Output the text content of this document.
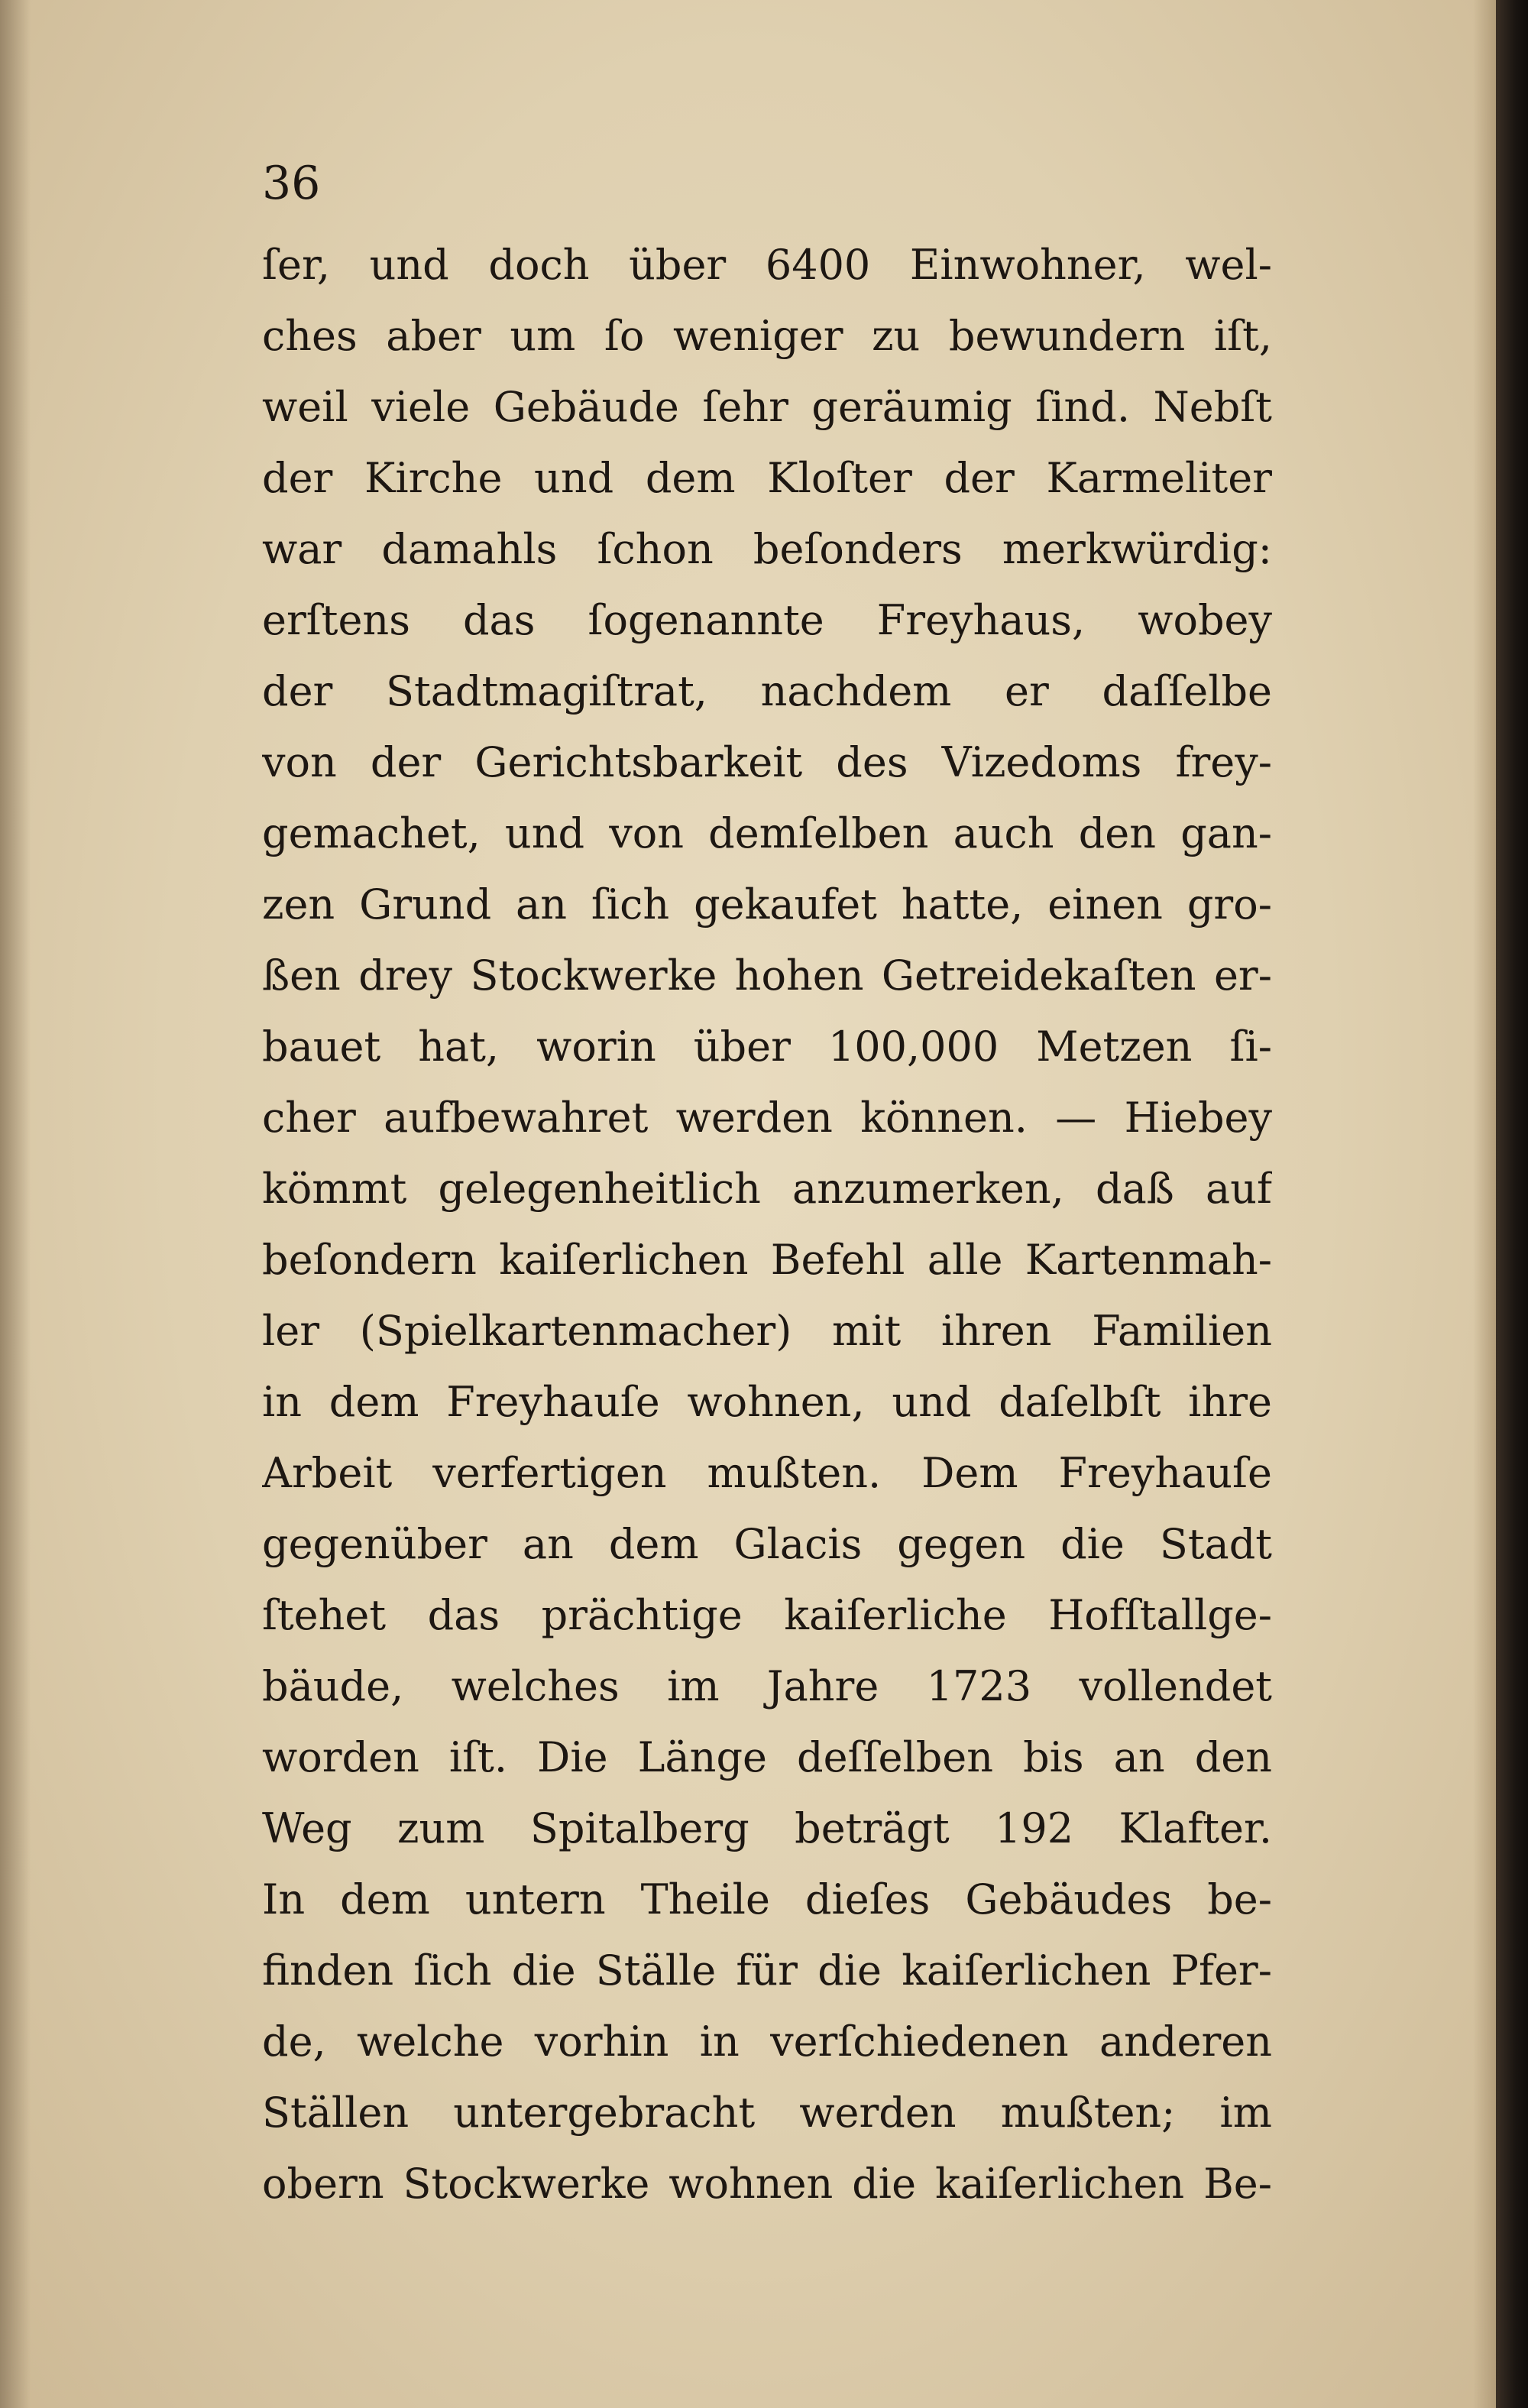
36

ſer, und doch über 6400 Einwohner, wel-
ches aber um ſo weniger zu bewundern iſt,
weil viele Gebäude ſehr geräumig ſind. Nebſt
der Kirche und dem Kloſter der Karmeliter
war damahls ſchon beſonders merkwürdig:
erſtens das ſogenannte Freyhaus, wobey
der Stadtmagiſtrat, nachdem er daſſelbe
von der Gerichtsbarkeit des Vizedoms frey-
gemachet, und von demſelben auch den gan-
zen Grund an ſich gekaufet hatte, einen gro-
ßen drey Stockwerke hohen Getreidekaſten er-
bauet hat, worin über 100,000 Metzen ſi-
cher aufbewahret werden können. — Hiebey
kömmt gelegenheitlich anzumerken, daß auf
beſondern kaiſerlichen Befehl alle Kartenmah-
ler (Spielkartenmacher) mit ihren Familien
in dem Freyhauſe wohnen, und daſelbſt ihre
Arbeit verfertigen mußten. Dem Freyhauſe
gegenüber an dem Glacis gegen die Stadt
ſtehet das prächtige kaiſerliche Hofſtallge-
bäude, welches im Jahre 1723 vollendet
worden iſt. Die Länge deſſelben bis an den
Weg zum Spitalberg beträgt 192 Klafter.
In dem untern Theile dieſes Gebäudes be-
finden ſich die Ställe für die kaiſerlichen Pfer-
de, welche vorhin in verſchiedenen anderen
Ställen untergebracht werden mußten; im
obern Stockwerke wohnen die kaiſerlichen Be-
